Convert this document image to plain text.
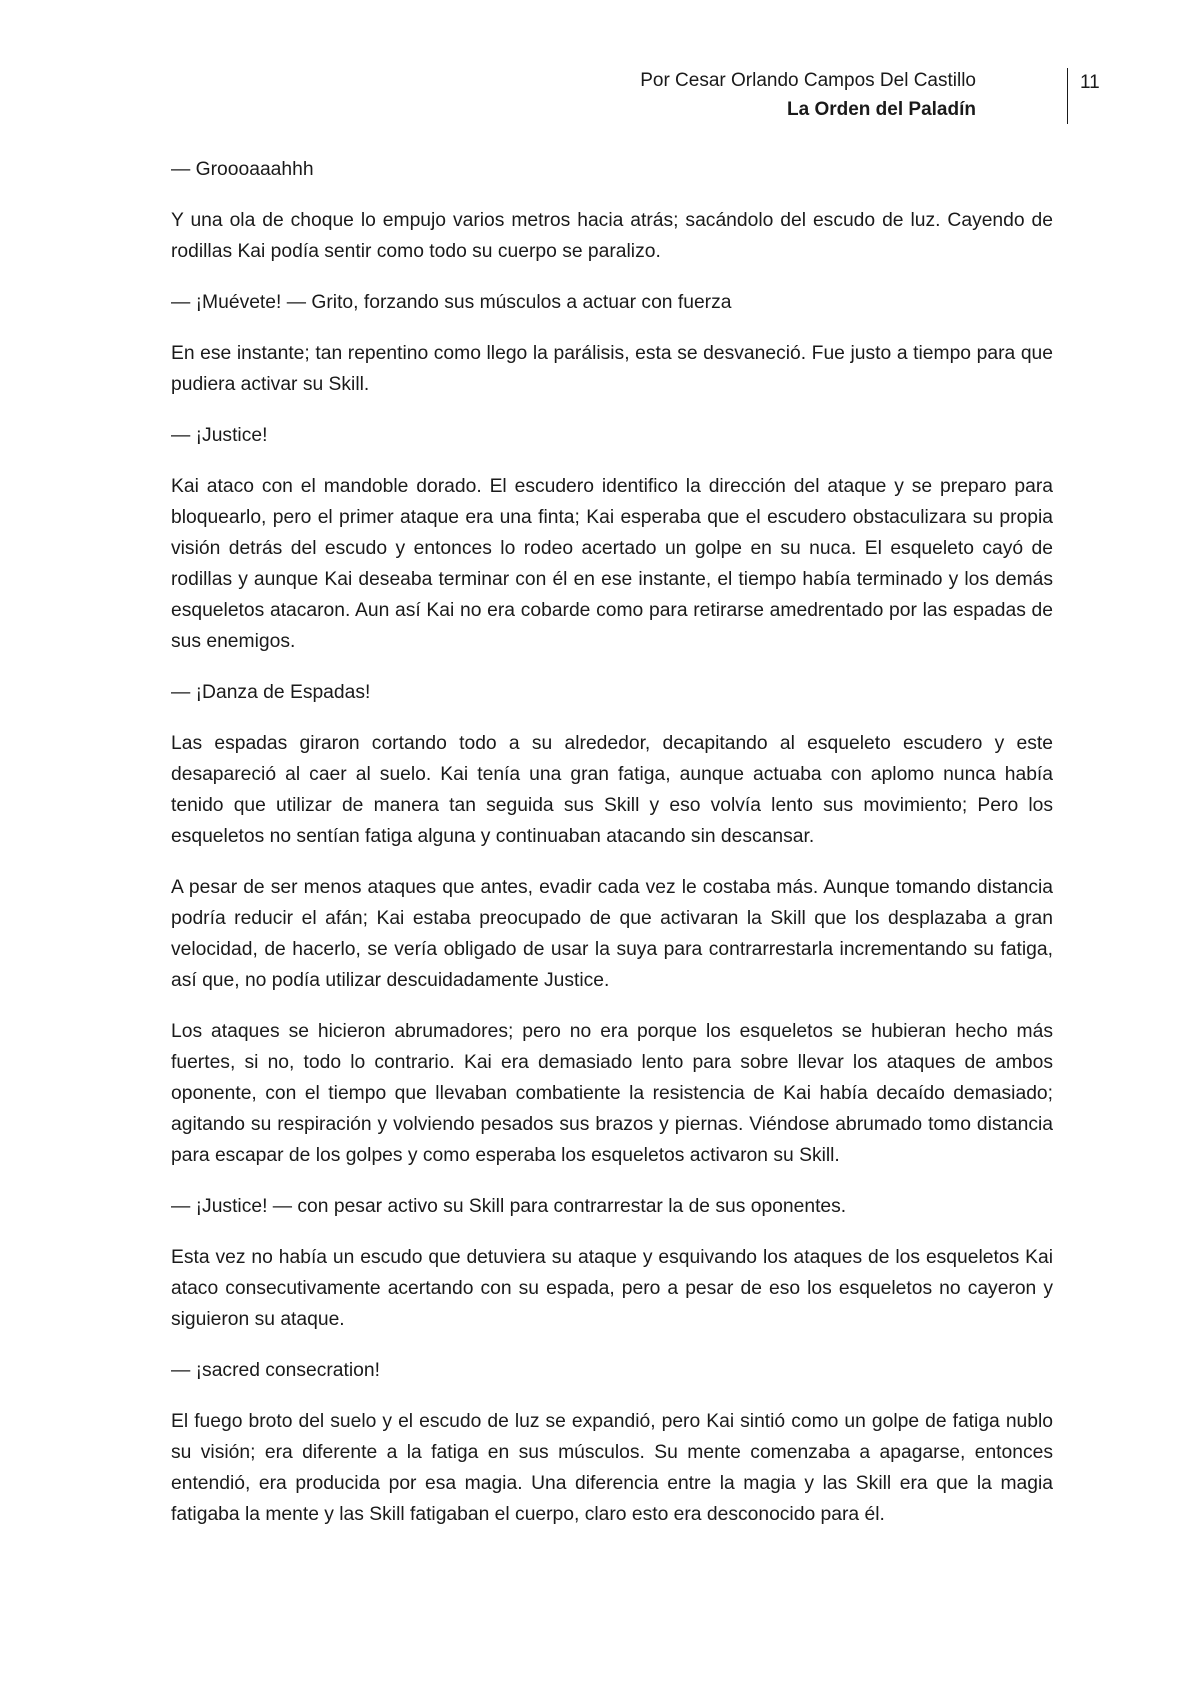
Por Cesar Orlando Campos Del Castillo
La Orden del Paladín
11

— Groooaaahhh

Y una ola de choque lo empujo varios metros hacia atrás; sacándolo del escudo de luz. Cayendo de rodillas Kai podía sentir como todo su cuerpo se paralizo.

— ¡Muévete! — Grito, forzando sus músculos a actuar con fuerza

En ese instante; tan repentino como llego la parálisis, esta se desvaneció. Fue justo a tiempo para que pudiera activar su Skill.

— ¡Justice!

Kai ataco con el mandoble dorado. El escudero identifico la dirección del ataque y se preparo para bloquearlo, pero el primer ataque era una finta; Kai esperaba que el escudero obstaculizara su propia visión detrás del escudo y entonces lo rodeo acertado un golpe en su nuca. El esqueleto cayó de rodillas y aunque Kai deseaba terminar con él en ese instante, el tiempo había terminado y los demás esqueletos atacaron. Aun así Kai no era cobarde como para retirarse amedrentado por las espadas de sus enemigos.

— ¡Danza de Espadas!

Las espadas giraron cortando todo a su alrededor, decapitando al esqueleto escudero y este desapareció al caer al suelo. Kai tenía una gran fatiga, aunque actuaba con aplomo nunca había tenido que utilizar de manera tan seguida sus Skill y eso volvía lento sus movimiento; Pero los esqueletos no sentían fatiga alguna y continuaban atacando sin descansar.

A pesar de ser menos ataques que antes, evadir cada vez le costaba más. Aunque tomando distancia podría reducir el afán; Kai estaba preocupado de que activaran la Skill que los desplazaba a gran velocidad, de hacerlo, se vería obligado de usar la suya para contrarrestarla incrementando su fatiga, así que, no podía utilizar descuidadamente Justice.

Los ataques se hicieron abrumadores; pero no era porque los esqueletos se hubieran hecho más fuertes, si no, todo lo contrario. Kai era demasiado lento para sobre llevar los ataques de ambos oponente, con el tiempo que llevaban combatiente la resistencia de Kai había decaído demasiado; agitando su respiración y volviendo pesados sus brazos y piernas. Viéndose abrumado tomo distancia para escapar de los golpes y como esperaba los esqueletos activaron su Skill.

— ¡Justice! — con pesar activo su Skill para contrarrestar la de sus oponentes.

Esta vez no había un escudo que detuviera su ataque y esquivando los ataques de los esqueletos Kai ataco consecutivamente acertando con su espada, pero a pesar de eso los esqueletos no cayeron y siguieron su ataque.

— ¡sacred consecration!

El fuego broto del suelo y el escudo de luz se expandió, pero Kai sintió como un golpe de fatiga nublo su visión; era diferente a la fatiga en sus músculos. Su mente comenzaba a apagarse, entonces entendió, era producida por esa magia. Una diferencia entre la magia y las Skill era que la magia fatigaba la mente y las Skill fatigaban el cuerpo, claro esto era desconocido para él.
